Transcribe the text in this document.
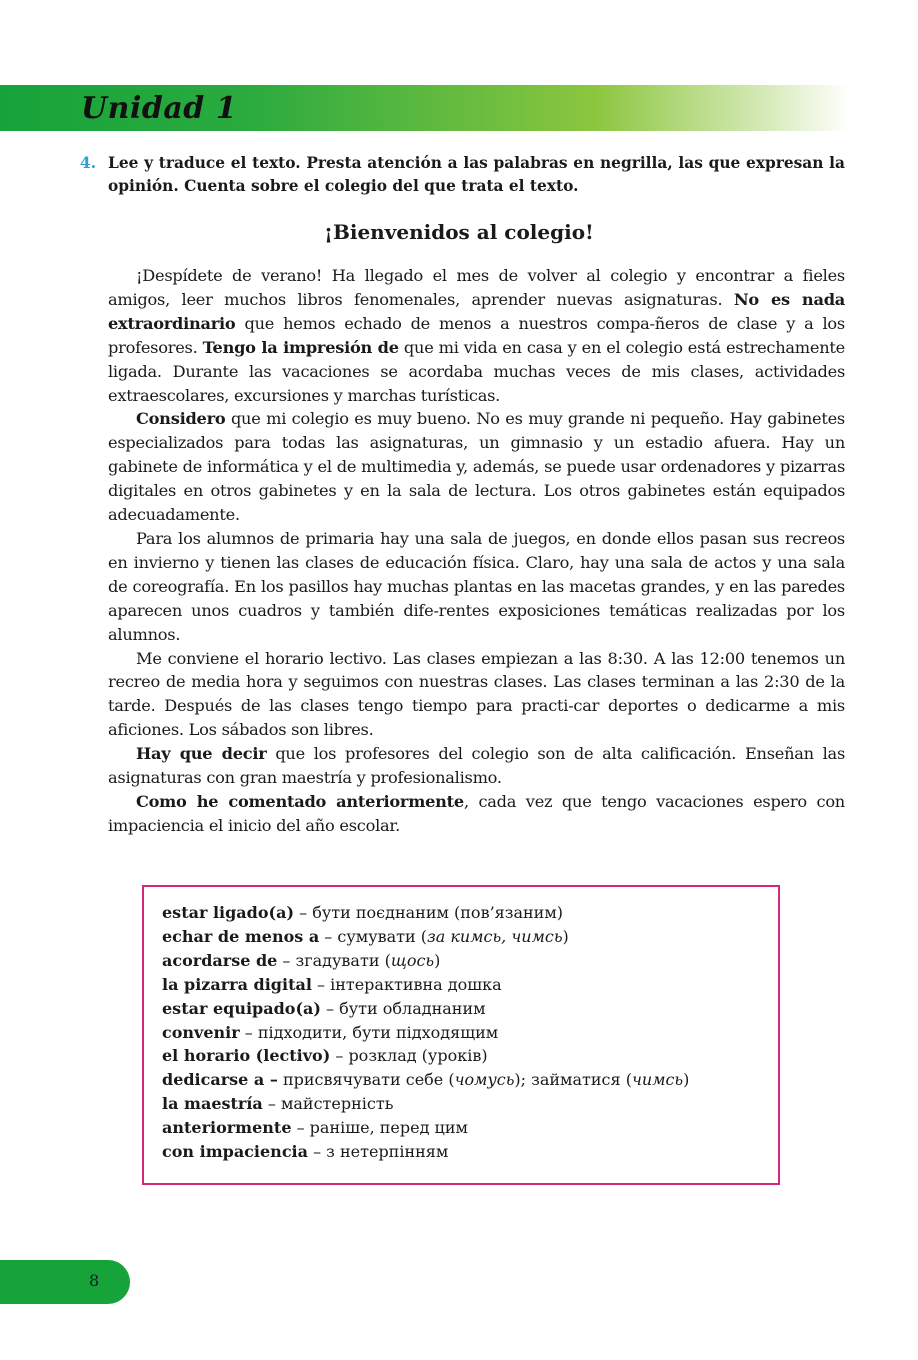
Unidad 1
4. Lee y traduce el texto. Presta atención a las palabras en negrilla, las que expresan la opinión. Cuenta sobre el colegio del que trata el texto.
¡Bienvenidos al colegio!

¡Despídete de verano! Ha llegado el mes de volver al colegio y encontrar a fieles amigos, leer muchos libros fenomenales, aprender nuevas asignaturas. No es nada extraordinario que hemos echado de menos a nuestros compa-ñeros de clase y a los profesores. Tengo la impresión de que mi vida en casa y en el colegio está estrechamente ligada. Durante las vacaciones se acordaba muchas veces de mis clases, actividades extraescolares, excursiones y marchas turísticas.

Considero que mi colegio es muy bueno. No es muy grande ni pequeño. Hay gabinetes especializados para todas las asignaturas, un gimnasio y un estadio afuera. Hay un gabinete de informática y el de multimedia y, además, se puede usar ordenadores y pizarras digitales en otros gabinetes y en la sala de lectura. Los otros gabinetes están equipados adecuadamente.

Para los alumnos de primaria hay una sala de juegos, en donde ellos pasan sus recreos en invierno y tienen las clases de educación física. Claro, hay una sala de actos y una sala de coreografía. En los pasillos hay muchas plantas en las macetas grandes, y en las paredes aparecen unos cuadros y también dife-rentes exposiciones temáticas realizadas por los alumnos.

Me conviene el horario lectivo. Las clases empiezan a las 8:30. A las 12:00 tenemos un recreo de media hora y seguimos con nuestras clases. Las clases terminan a las 2:30 de la tarde. Después de las clases tengo tiempo para practi-car deportes o dedicarme a mis aficiones. Los sábados son libres.

Hay que decir que los profesores del colegio son de alta calificación. Enseñan las asignaturas con gran maestría y profesionalismo.

Como he comentado anteriormente, cada vez que tengo vacaciones espero con impaciencia el inicio del año escolar.

estar ligado(a) – бути поєднаним (пов’язаним)
echar de menos a – сумувати (за кимсь, чимсь)
acordarse de – згадувати (щось)
la pizarra digital – інтерактивна дошка
estar equipado(a) – бути обладнаним
convenir – підходити, бути підходящим
el horario (lectivo) – розклад (уроків)
dedicarse a – присвячувати себе (чомусь); займатися (чимсь)
la maestría – майстерність
anteriormente – раніше, перед цим
con impaciencia – з нетерпінням
8
